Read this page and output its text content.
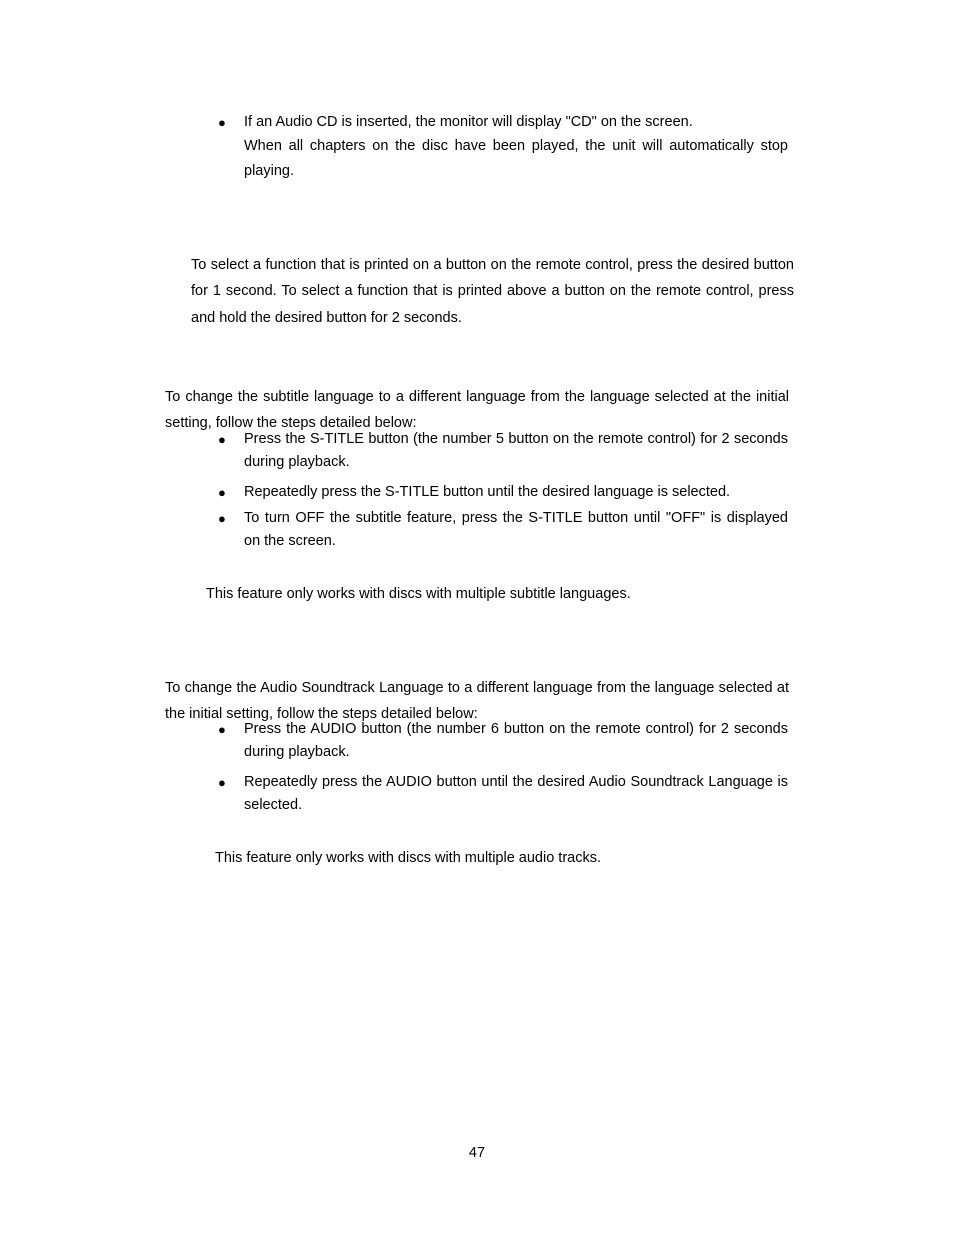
●	If an Audio CD is inserted, the monitor will display "CD" on the screen.
When all chapters on the disc have been played, the unit will automatically stop playing.

To select a function that is printed on a button on the remote control, press the desired button for 1 second. To select a function that is printed above a button on the remote control, press and hold the desired button for 2 seconds.

To change the subtitle language to a different language from the language selected at the initial setting, follow the steps detailed below:

●	Press the S-TITLE button (the number 5 button on the remote control) for 2 seconds during playback.
●	Repeatedly press the S-TITLE button until the desired language is selected.
●	To turn OFF the subtitle feature, press the S-TITLE button until "OFF" is displayed on the screen.
This feature only works with discs with multiple subtitle languages.

To change the Audio Soundtrack Language to a different language from the language selected at the initial setting, follow the steps detailed below:

●	Press the AUDIO button (the number 6 button on the remote control) for 2 seconds during playback.
●	Repeatedly press the AUDIO button until the desired Audio Soundtrack Language is selected.
This feature only works with discs with multiple audio tracks.
47
